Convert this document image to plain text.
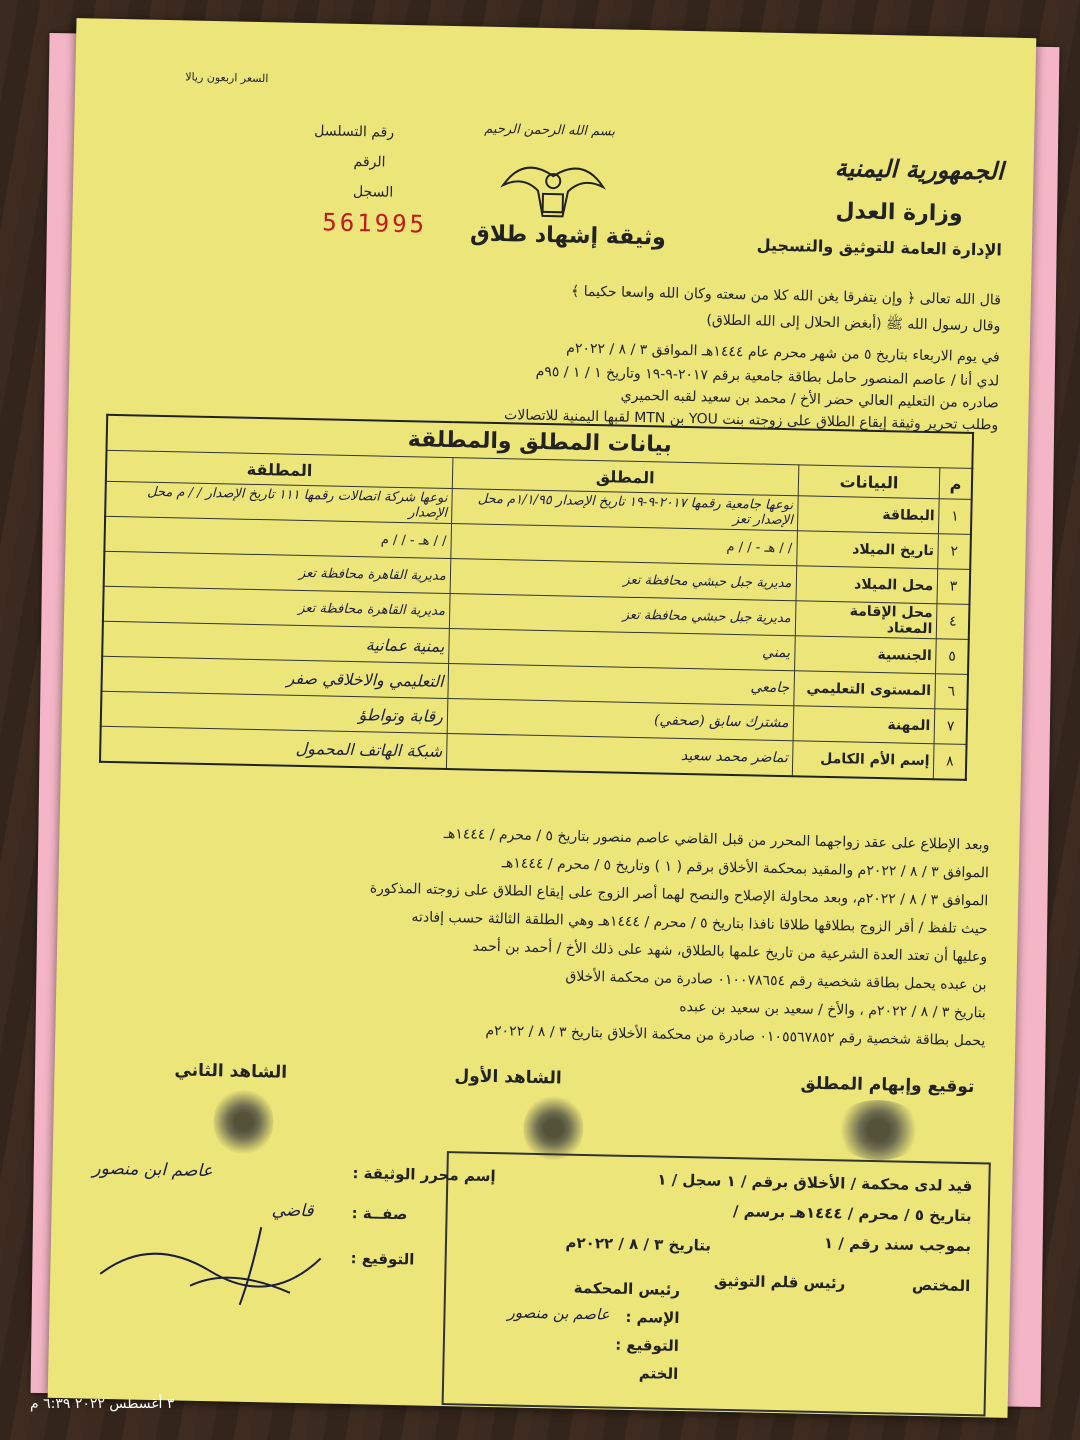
السعر اربعون ريالا
رقم التسلسل
الرقم
السجل
561995
بسم الله الرحمن الرحيم
وثيقة إشهاد طلاق
الجمهورية اليمنية
وزارة العدل
الإدارة العامة للتوثيق والتسجيل
قال الله تعالى ﴿ وإن يتفرقا يغن الله كلا من سعته وكان الله واسعا حكيما ﴾
وقال رسول الله ﷺ (أبغض الحلال إلى الله الطلاق)
في يوم الاربعاء بتاريخ ٥ من شهر محرم عام ١٤٤٤هـ الموافق ٣ / ٨ / ٢٠٢٢م
لدي أنا / عاصم المنصور حامل بطاقة جامعية برقم ٢٠١٧-٩-١٩ وتاريخ ١ / ١ / ٩٥م
صادره من التعليم العالي حضر الأخ / محمد بن سعيد لقبه الحميري
وطلب تحرير وثيقة إيقاع الطلاق على زوجته بنت YOU بن MTN لقبها اليمنية للاتصالات
بيانات المطلق والمطلقة			
م	البيانات	المطلق	المطلقة
١	البطاقة	نوعها جامعية رقمها ٢٠١٧-٩-١٩ تاريخ الإصدار ١/١/٩٥م محل الإصدار تعز	نوعها شركة اتصالات رقمها ١١١ تاريخ الإصدار / / م محل الإصدار
٢	تاريخ الميلاد	/ / هـ - / / م	/ / هـ - / / م
٣	محل الميلاد	مديرية جبل حبشي محافظة تعز	مديرية القاهرة محافظة تعز
٤	محل الإقامة المعتاد	مديرية جبل حبشي محافظة تعز	مديرية القاهرة محافظة تعز
٥	الجنسية	يمني	يمنية عمانية
٦	المستوى التعليمي	جامعي	التعليمي والاخلاقي صفر
٧	المهنة	مشترك سابق (صحفي)	رقابة وتواطؤ
٨	إسم الأم الكامل	تماضر محمد سعيد	شبكة الهاتف المحمول
وبعد الإطلاع على عقد زواجهما المحرر من قبل القاضي عاصم منصور بتاريخ ٥ / محرم / ١٤٤٤هـ
الموافق ٣ / ٨ / ٢٠٢٢م والمقيد بمحكمة الأخلاق برقم ( ١ ) وتاريخ ٥ / محرم / ١٤٤٤هـ
الموافق ٣ / ٨ / ٢٠٢٢م، وبعد محاولة الإصلاح والنصح لهما أصر الزوج على إيقاع الطلاق على زوجته المذكورة
حيث تلفظ / أقر الزوج بطلاقها طلاقا نافذا بتاريخ ٥ / محرم / ١٤٤٤هـ وهي الطلقة الثالثة حسب إفادته
وعليها أن تعتد العدة الشرعية من تاريخ علمها بالطلاق، شهد على ذلك الأخ / أحمد بن أحمد
بن عبده يحمل بطاقة شخصية رقم ٠١٠٠٧٨٦٥٤ صادرة من محكمة الأخلاق
بتاريخ ٣ / ٨ / ٢٠٢٢م ، والأخ / سعيد بن سعيد بن عبده
يحمل بطاقة شخصية رقم ٠١٠٥٥٦٧٨٥٢ صادرة من محكمة الأخلاق بتاريخ ٣ / ٨ / ٢٠٢٢م
توقيع وإبهام المطلق
الشاهد الأول
الشاهد الثاني
قيد لدى محكمة / الأخلاق برقم / ١ سجل / ١
بتاريخ ٥ / محرم / ١٤٤٤هـ برسم /
بموجب سند رقم / ١
بتاريخ ٣ / ٨ / ٢٠٢٢م
المختص
رئيس قلم التوثيق
رئيس المحكمة
الإسم :
عاصم بن منصور
التوقيع :
الختم
إسم محرر الوثيقة :
عاصم ابن منصور
صفــة :
قاضي
التوقيع :
٣ أغسطس ٢٠٢٢ ٦:٣٩ م
